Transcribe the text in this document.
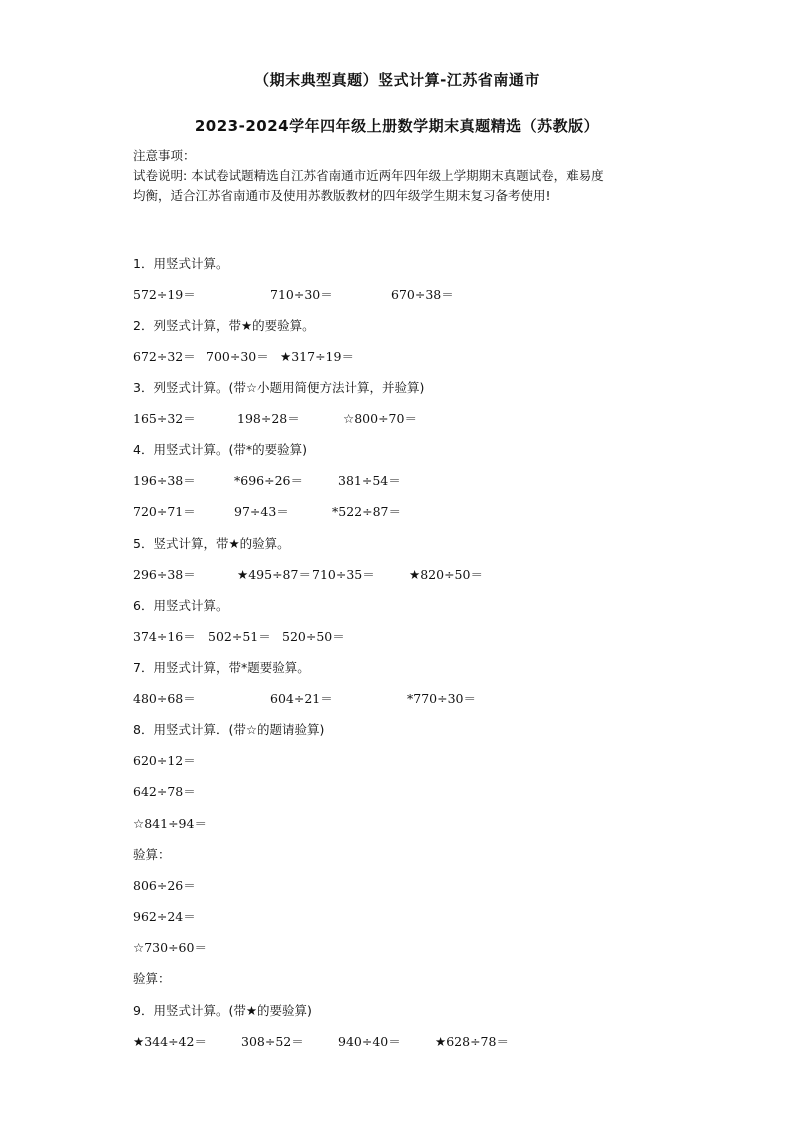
（期末典型真题）竖式计算-江苏省南通市
2023-2024学年四年级上册数学期末真题精选（苏教版）
注意事项：
试卷说明: 本试卷试题精选自江苏省南通市近两年四年级上学期期末真题试卷，难易度
均衡，适合江苏省南通市及使用苏教版教材的四年级学生期末复习备考使用!
1．用竖式计算。
572÷19＝	710÷30＝	670÷38＝
2．列竖式计算，带★的要验算。
672÷32＝ 700÷30＝ ★317÷19＝
3．列竖式计算。(带☆小题用简便方法计算，并验算)
165÷32＝	198÷28＝	☆800÷70＝
4．用竖式计算。(带*的要验算)
196÷38＝	*696÷26＝	381÷54＝
720÷71＝	97÷43＝	*522÷87＝
5．竖式计算，带★的验算。
296÷38＝	★495÷87＝ 710÷35＝	★820÷50＝
6．用竖式计算。
374÷16＝ 502÷51＝ 520÷50＝
7．用竖式计算，带*题要验算。
480÷68＝	604÷21＝	*770÷30＝
8．用竖式计算．(带☆的题请验算)
620÷12＝
642÷78＝
☆841÷94＝
验算：
806÷26＝
962÷24＝
☆730÷60＝
验算：
9．用竖式计算。(带★的要验算)
★344÷42＝	308÷52＝	940÷40＝	★628÷78＝
